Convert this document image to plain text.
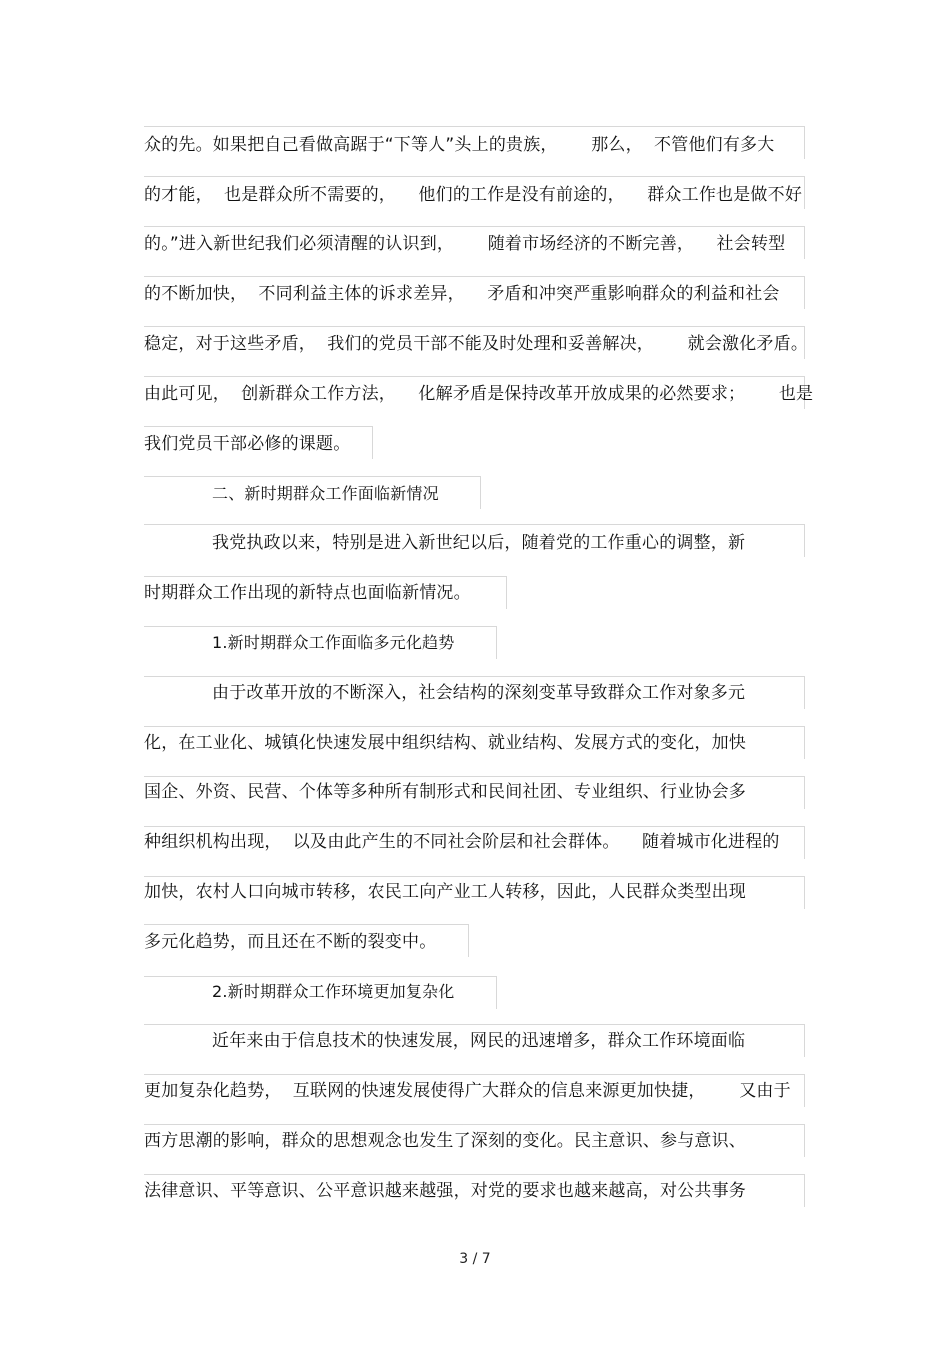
众的先。如果把自己看做高踞于“下等人”头上的贵族，      那么，  不管他们有多大
的才能，  也是群众所不需要的，    他们的工作是没有前途的，    群众工作也是做不好
的。”进入新世纪我们必须清醒的认识到，      随着市场经济的不断完善，    社会转型
的不断加快，  不同利益主体的诉求差异，    矛盾和冲突严重影响群众的利益和社会
稳定，对于这些矛盾，  我们的党员干部不能及时处理和妥善解决，      就会激化矛盾。
由此可见，  创新群众工作方法，    化解矛盾是保持改革开放成果的必然要求；      也是
我们党员干部必修的课题。
二、新时期群众工作面临新情况
我党执政以来，特别是进入新世纪以后，随着党的工作重心的调整，新
时期群众工作出现的新特点也面临新情况。
1.新时期群众工作面临多元化趋势
由于改革开放的不断深入，社会结构的深刻变革导致群众工作对象多元
化，在工业化、城镇化快速发展中组织结构、就业结构、发展方式的变化，加快
国企、外资、民营、个体等多种所有制形式和民间社团、专业组织、行业协会多
种组织机构出现，  以及由此产生的不同社会阶层和社会群体。    随着城市化进程的
加快，农村人口向城市转移，农民工向产业工人转移，因此，人民群众类型出现
多元化趋势，而且还在不断的裂变中。
2.新时期群众工作环境更加复杂化
近年来由于信息技术的快速发展，网民的迅速增多，群众工作环境面临
更加复杂化趋势，  互联网的快速发展使得广大群众的信息来源更加快捷，      又由于
西方思潮的影响，群众的思想观念也发生了深刻的变化。民主意识、参与意识、
法律意识、平等意识、公平意识越来越强，对党的要求也越来越高，对公共事务
3 / 7
